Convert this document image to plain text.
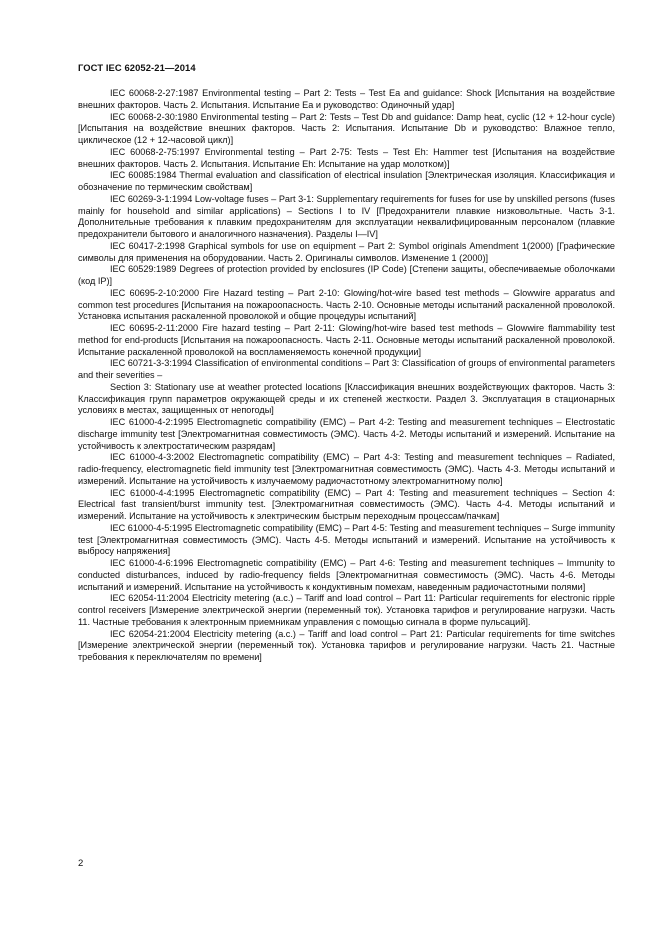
ГОСТ IEC 62052-21—2014

IEC 60068-2-27:1987 Environmental testing – Part 2: Tests – Test Ea and guidance: Shock [Испытания на воздействие внешних факторов. Часть 2. Испытания. Испытание Ea и руководство: Одиночный удар]

IEC 60068-2-30:1980 Environmental testing – Part 2: Tests – Test Db and guidance: Damp heat, cyclic (12 + 12-hour cycle) [Испытания на воздействие внешних факторов. Часть 2: Испытания. Испытание Db и руководство: Влажное тепло, циклическое (12 + 12-часовой цикл)]

IEC 60068-2-75:1997 Environmental testing – Part 2-75: Tests – Test Eh: Hammer test [Испытания на воздействие внешних факторов. Часть 2. Испытания. Испытание Eh: Испытание на удар молотком)]

IEC 60085:1984 Thermal evaluation and classification of electrical insulation [Электрическая изоляция. Классификация и обозначение по термическим свойствам]

IEC 60269-3-1:1994 Low-voltage fuses – Part 3-1: Supplementary requirements for fuses for use by unskilled persons (fuses mainly for household and similar applications) – Sections I to IV [Предохранители плавкие низковольтные. Часть 3-1. Дополнительные требования к плавким предохранителям для эксплуатации неквалифицированным персоналом (плавкие предохранители бытового и аналогичного назначения). Разделы I—IV]

IEC 60417-2:1998 Graphical symbols for use on equipment – Part 2: Symbol originals Amendment 1(2000) [Графические символы для применения на оборудовании. Часть 2. Оригиналы символов. Изменение 1 (2000)]

IEC 60529:1989 Degrees of protection provided by enclosures (IP Code) [Степени защиты, обеспечиваемые оболочками (код IP)]

IEC 60695-2-10:2000 Fire Hazard testing – Part 2-10: Glowing/hot-wire based test methods – Glowwire apparatus and common test procedures [Испытания на пожароопасность. Часть 2-10. Основные методы испытаний раскаленной проволокой. Установка испытания раскаленной проволокой и общие процедуры испытаний]

IEC 60695-2-11:2000 Fire hazard testing – Part 2-11: Glowing/hot-wire based test methods – Glowwire flammability test method for end-products [Испытания на пожароопасность. Часть 2-11. Основные методы испытаний раскаленной проволокой. Испытание раскаленной проволокой на воспламеняемость конечной продукции]

IEC 60721-3-3:1994 Classification of environmental conditions – Part 3: Classification of groups of environmental parameters and their severities –

Section 3: Stationary use at weather protected locations [Классификация внешних воздействующих факторов. Часть 3: Классификация групп параметров окружающей среды и их степеней жесткости. Раздел 3. Эксплуатация в стационарных условиях в местах, защищенных от непогоды]

IEC 61000-4-2:1995 Electromagnetic compatibility (EMC) – Part 4-2: Testing and measurement techniques – Electrostatic discharge immunity test [Электромагнитная совместимость (ЭМС). Часть 4-2. Методы испытаний и измерений. Испытание на устойчивость к электростатическим разрядам]

IEC 61000-4-3:2002 Electromagnetic compatibility (EMC) – Part 4-3: Testing and measurement techniques – Radiated, radio-frequency, electromagnetic field immunity test [Электромагнитная совместимость (ЭМС). Часть 4-3. Методы испытаний и измерений. Испытание на устойчивость к излучаемому радиочастотному электромагнитному полю]

IEC 61000-4-4:1995 Electromagnetic compatibility (EMC) – Part 4: Testing and measurement techniques – Section 4: Electrical fast transient/burst immunity test. [Электромагнитная совместимость (ЭМС). Часть 4-4. Методы испытаний и измерений. Испытание на устойчивость к электрическим быстрым переходным процессам/пачкам]

IEC 61000-4-5:1995 Electromagnetic compatibility (EMC) – Part 4-5: Testing and measurement techniques – Surge immunity test [Электромагнитная совместимость (ЭМС). Часть 4-5. Методы испытаний и измерений. Испытание на устойчивость к выбросу напряжения]

IEC 61000-4-6:1996 Electromagnetic compatibility (EMC) – Part 4-6: Testing and measurement techniques – Immunity to conducted disturbances, induced by radio-frequency fields [Электромагнитная совместимость (ЭМС). Часть 4-6. Методы испытаний и измерений. Испытание на устойчивость к кондуктивным помехам, наведенным радиочастотными полями]

IEC 62054-11:2004 Electricity metering (a.c.) – Tariff and load control – Part 11: Particular requirements for electronic ripple control receivers [Измерение электрической энергии (переменный ток). Установка тарифов и регулирование нагрузки. Часть 11. Частные требования к электронным приемникам управления с помощью сигнала в форме пульсаций].

IEC 62054-21:2004 Electricity metering (a.c.) – Tariff and load control – Part 21: Particular requirements for time switches [Измерение электрической энергии (переменный ток). Установка тарифов и регулирование нагрузки. Часть 21. Частные требования к переключателям по времени]

2
